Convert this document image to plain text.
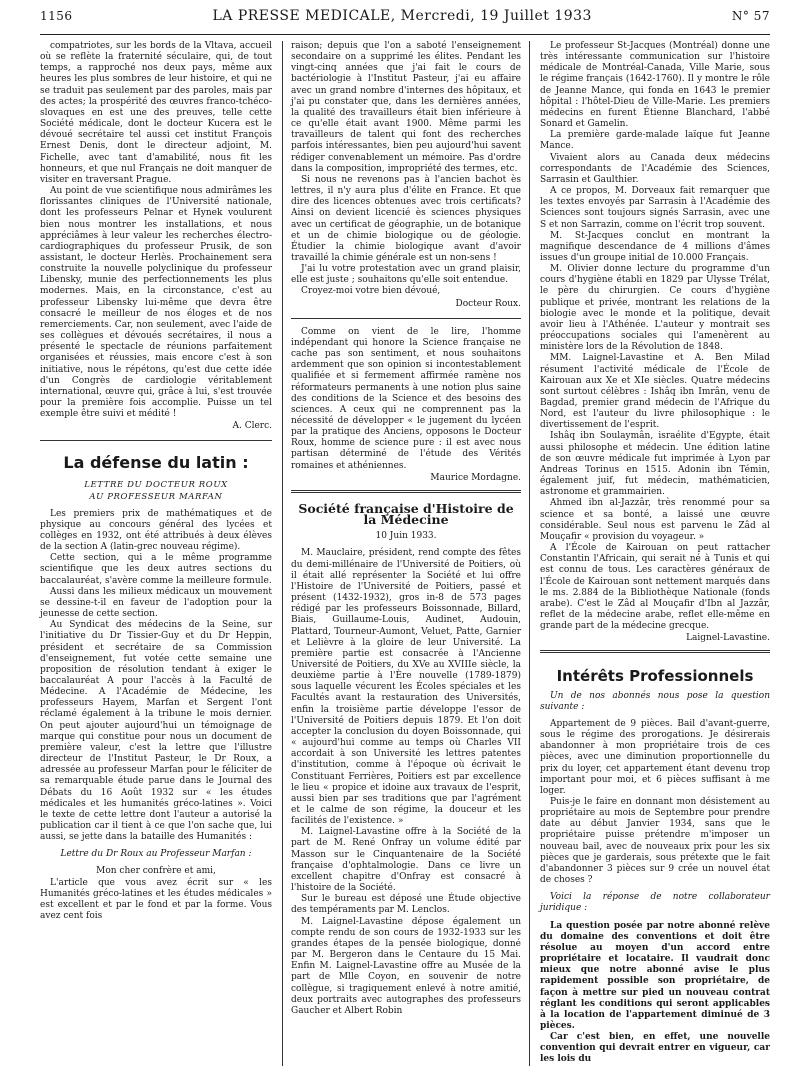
1156	LA PRESSE MEDICALE, Mercredi, 19 Juillet 1933	N° 57

compatriotes, sur les bords de la Vltava, accueil où se reflète la fraternité séculaire, qui, de tout temps, a rapproché nos deux pays, même aux heures les plus sombres de leur histoire, et qui ne se traduit pas seulement par des paroles, mais par des actes; la prospérité des œuvres franco-tchéco-slovaques en est une des preuves, telle cette Société médicale, dont le docteur Kucera est le dévoué secrétaire tel aussi cet institut François Ernest Denis, dont le directeur adjoint, M. Fichelle, avec tant d'amabilité, nous fit les honneurs, et que nul Français ne doit manquer de visiter en traversant Prague.

Au point de vue scientifique nous admirâmes les florissantes cliniques de l'Université nationale, dont les professeurs Pelnar et Hynek voulurent bien nous montrer les installations, et nous appréciâmes à leur valeur les recherches électro-cardiographiques du professeur Prusik, de son assistant, le docteur Herlès. Prochainement sera construite la nouvelle polyclinique du professeur Libensky, munie des perfectionnements les plus modernes. Mais, en la circonstance, c'est au professeur Libensky lui-même que devra être consacré le meilleur de nos éloges et de nos remerciements. Car, non seulement, avec l'aide de ses collègues et dévoués secrétaires, il nous a présenté le spectacle de réunions parfaitement organisées et réussies, mais encore c'est à son initiative, nous le répétons, qu'est due cette idée d'un Congrès de cardiologie véritablement international, œuvre qui, grâce à lui, s'est trouvée pour la première fois accomplie. Puisse un tel exemple être suivi et médité !

A. Clerc.

La défense du latin :

LETTRE DU DOCTEUR ROUX

AU PROFESSEUR MARFAN

Les premiers prix de mathématiques et de physique au concours général des lycées et collèges en 1932, ont été attribués à deux élèves de la section A (latin-grec nouveau régime).

Cette section, qui a le même programme scientifique que les deux autres sections du baccalauréat, s'avère comme la meilleure formule.

Aussi dans les milieux médicaux un mouvement se dessine-t-il en faveur de l'adoption pour la jeunesse de cette section.

Au Syndicat des médecins de la Seine, sur l'initiative du Dr Tissier-Guy et du Dr Heppin, président et secrétaire de sa Commission d'enseignement, fut votée cette semaine une proposition de résolution tendant à exiger le baccalauréat A pour l'accès à la Faculté de Médecine. A l'Académie de Médecine, les professeurs Hayem, Marfan et Sergent l'ont réclamé également à la tribune le mois dernier. On peut ajouter aujourd'hui un témoignage de marque qui constitue pour nous un document de première valeur, c'est la lettre que l'illustre directeur de l'Institut Pasteur, le Dr Roux, a adressée au professeur Marfan pour le féliciter de sa remarquable étude parue dans le Journal des Débats du 16 Août 1932 sur « les études médicales et les humanités gréco-latines ». Voici le texte de cette lettre dont l'auteur a autorisé la publication car il tient à ce que l'on sache que, lui aussi, se jette dans la bataille des Humanités :

Lettre du Dr Roux au Professeur Marfan :

Mon cher confrère et ami,

L'article que vous avez écrit sur « les Humanités gréco-latines et les études médicales » est excellent et par le fond et par la forme. Vous avez cent fois

raison; depuis que l'on a saboté l'enseignement secondaire on a supprimé les élites. Pendant les vingt-cinq années que j'ai fait le cours de bactériologie à l'Institut Pasteur, j'ai eu affaire avec un grand nombre d'internes des hôpitaux, et j'ai pu constater que, dans les dernières années, la qualité des travailleurs était bien inférieure à ce qu'elle était avant 1900. Même parmi les travailleurs de talent qui font des recherches parfois intéressantes, bien peu aujourd'hui savent rédiger convenablement un mémoire. Pas d'ordre dans la composition, impropriété des termes, etc.

Si nous ne revenons pas à l'ancien bachot ès lettres, il n'y aura plus d'élite en France. Et que dire des licences obtenues avec trois certificats? Ainsi on devient licencié ès sciences physiques avec un certificat de géographie, un de botanique et un de chimie biologique ou de géologie. Étudier la chimie biologique avant d'avoir travaillé la chimie générale est un non-sens !

J'ai lu votre protestation avec un grand plaisir, elle est juste ; souhaitons qu'elle soit entendue.

Croyez-moi votre bien dévoué,

Docteur Roux.

Comme on vient de le lire, l'homme indépendant qui honore la Science française ne cache pas son sentiment, et nous souhaitons ardemment que son opinion si incontestablement qualifiée et si fermement affirmée ramène nos réformateurs permanents à une notion plus saine des conditions de la Science et des besoins des sciences. A ceux qui ne comprennent pas la nécessité de développer « le jugement du lycéen par la pratique des Anciens, opposons le Docteur Roux, homme de science pure : il est avec nous partisan déterminé de l'étude des Vérités romaines et athéniennes.

Maurice Mordagne.

Société française d'Histoire de la Médecine

10 Juin 1933.

M. Mauclaire, président, rend compte des fêtes du demi-millénaire de l'Université de Poitiers, où il était allé représenter la Société et lui offre l'Histoire de l'Université de Poitiers, passé et présent (1432-1932), gros in-8 de 573 pages rédigé par les professeurs Boissonnade, Billard, Biais, Guillaume-Louis, Audinet, Audouin, Plattard, Tourneur-Aumont, Veluet, Patte, Garnier et Lelièvre à la gloire de leur Université. La première partie est consacrée à l'Ancienne Université de Poitiers, du XVe au XVIIIe siècle, la deuxième partie à l'Ère nouvelle (1789-1879) sous laquelle vécurent les Écoles spéciales et les Facultés avant la restauration des Universités, enfin la troisième partie développe l'essor de l'Université de Poitiers depuis 1879. Et l'on doit accepter la conclusion du doyen Boissonnade, qui « aujourd'hui comme au temps où Charles VII accordait à son Université les lettres patentes d'institution, comme à l'époque où écrivait le Constituant Ferrières, Poitiers est par excellence le lieu « propice et idoine aux travaux de l'esprit, aussi bien par ses traditions que par l'agrément et le calme de son régime, la douceur et les facilités de l'existence. »

M. Laignel-Lavastine offre à la Société de la part de M. René Onfray un volume édité par Masson sur le Cinquantenaire de la Société française d'ophtalmologie. Dans ce livre un excellent chapitre d'Onfray est consacré à l'histoire de la Société.

Sur le bureau est déposé une Étude objective des tempéraments par M. Lenclos.

M. Laignel-Lavastine dépose également un compte rendu de son cours de 1932-1933 sur les grandes étapes de la pensée biologique, donné par M. Bergeron dans le Centaure du 15 Mai. Enfin M. Laignel-Lavastine offre au Musée de la part de Mlle Coyon, en souvenir de notre collègue, si tragiquement enlevé à notre amitié, deux portraits avec autographes des professeurs Gaucher et Albert Robin

Le professeur St-Jacques (Montréal) donne une très intéressante communication sur l'histoire médicale de Montréal-Canada, Ville Marie, sous le régime français (1642-1760). Il y montre le rôle de Jeanne Mance, qui fonda en 1643 le premier hôpital : l'hôtel-Dieu de Ville-Marie. Les premiers médecins en furent Étienne Blanchard, l'abbé Sonard et Gamelin.

La première garde-malade laïque fut Jeanne Mance.

Vivaient alors au Canada deux médecins correspondants de l'Académie des Sciences, Sarrasin et Gaulthier.

A ce propos, M. Dorveaux fait remarquer que les textes envoyés par Sarrasin à l'Académie des Sciences sont toujours signés Sarrasin, avec une S et non Sarrazin, comme on l'écrit trop souvent.

M. St-Jacques conclut en montrant la magnifique descendance de 4 millions d'âmes issues d'un groupe initial de 10.000 Français.

M. Olivier donne lecture du programme d'un cours d'hygiène établi en 1829 par Ulysse Trélat, le père du chirurgien. Ce cours d'hygiène publique et privée, montrant les relations de la biologie avec le monde et la politique, devait avoir lieu à l'Athénée. L'auteur y montrait ses préoccupations sociales qui l'amenèrent au ministère lors de la Révolution de 1848.

MM. Laignel-Lavastine et A. Ben Milad résument l'activité médicale de l'École de Kairouan aux Xe et XIe siècles. Quatre médecins sont surtout célèbres : Ishâq ibn Imrân, venu de Bagdad, premier grand médecin de l'Afrique du Nord, est l'auteur du livre philosophique : le divertissement de l'esprit.

Ishâq ibn Soulaymân, israélite d'Egypte, était aussi philosophe et médecin. Une édition latine de son œuvre médicale fut imprimée à Lyon par Andreas Torinus en 1515. Adonin ibn Témin, également juif, fut médecin, mathématicien, astronome et grammairien.

Ahmed ibn al-Jazzâr, très renommé pour sa science et sa bonté, a laissé une œuvre considérable. Seul nous est parvenu le Zâd al Mouçafir « provision du voyageur. »

A l'École de Kairouan on peut rattacher Constantin l'Africain, qui serait né à Tunis et qui est connu de tous. Les caractères généraux de l'École de Kairouan sont nettement marqués dans le ms. 2.884 de la Bibliothèque Nationale (fonds arabe). C'est le Zâd al Mouçafir d'Ibn al Jazzâr, reflet de la médecine arabe, reflet elle-même en grande part de la médecine grecque.

Laignel-Lavastine.

Intérêts Professionnels

Un de nos abonnés nous pose la question suivante :

Appartement de 9 pièces. Bail d'avant-guerre, sous le régime des prorogations. Je désirerais abandonner à mon propriétaire trois de ces pièces, avec une diminution proportionnelle du prix du loyer, cet appartement étant devenu trop important pour moi, et 6 pièces suffisant à me loger.

Puis-je le faire en donnant mon désistement au propriétaire au mois de Septembre pour prendre date au début Janvier 1934, sans que le propriétaire puisse prétendre m'imposer un nouveau bail, avec de nouveaux prix pour les six pièces que je garderais, sous prétexte que le fait d'abandonner 3 pièces sur 9 crée un nouvel état de choses ?

Voici la réponse de notre collaborateur juridique :

La question posée par notre abonné relève du domaine des conventions et doit être résolue au moyen d'un accord entre propriétaire et locataire. Il vaudrait donc mieux que notre abonné avise le plus rapidement possible son propriétaire, de façon à mettre sur pied un nouveau contrat réglant les conditions qui seront applicables à la location de l'appartement diminué de 3 pièces.

Car c'est bien, en effet, une nouvelle convention qui devrait entrer en vigueur, car les lois du
